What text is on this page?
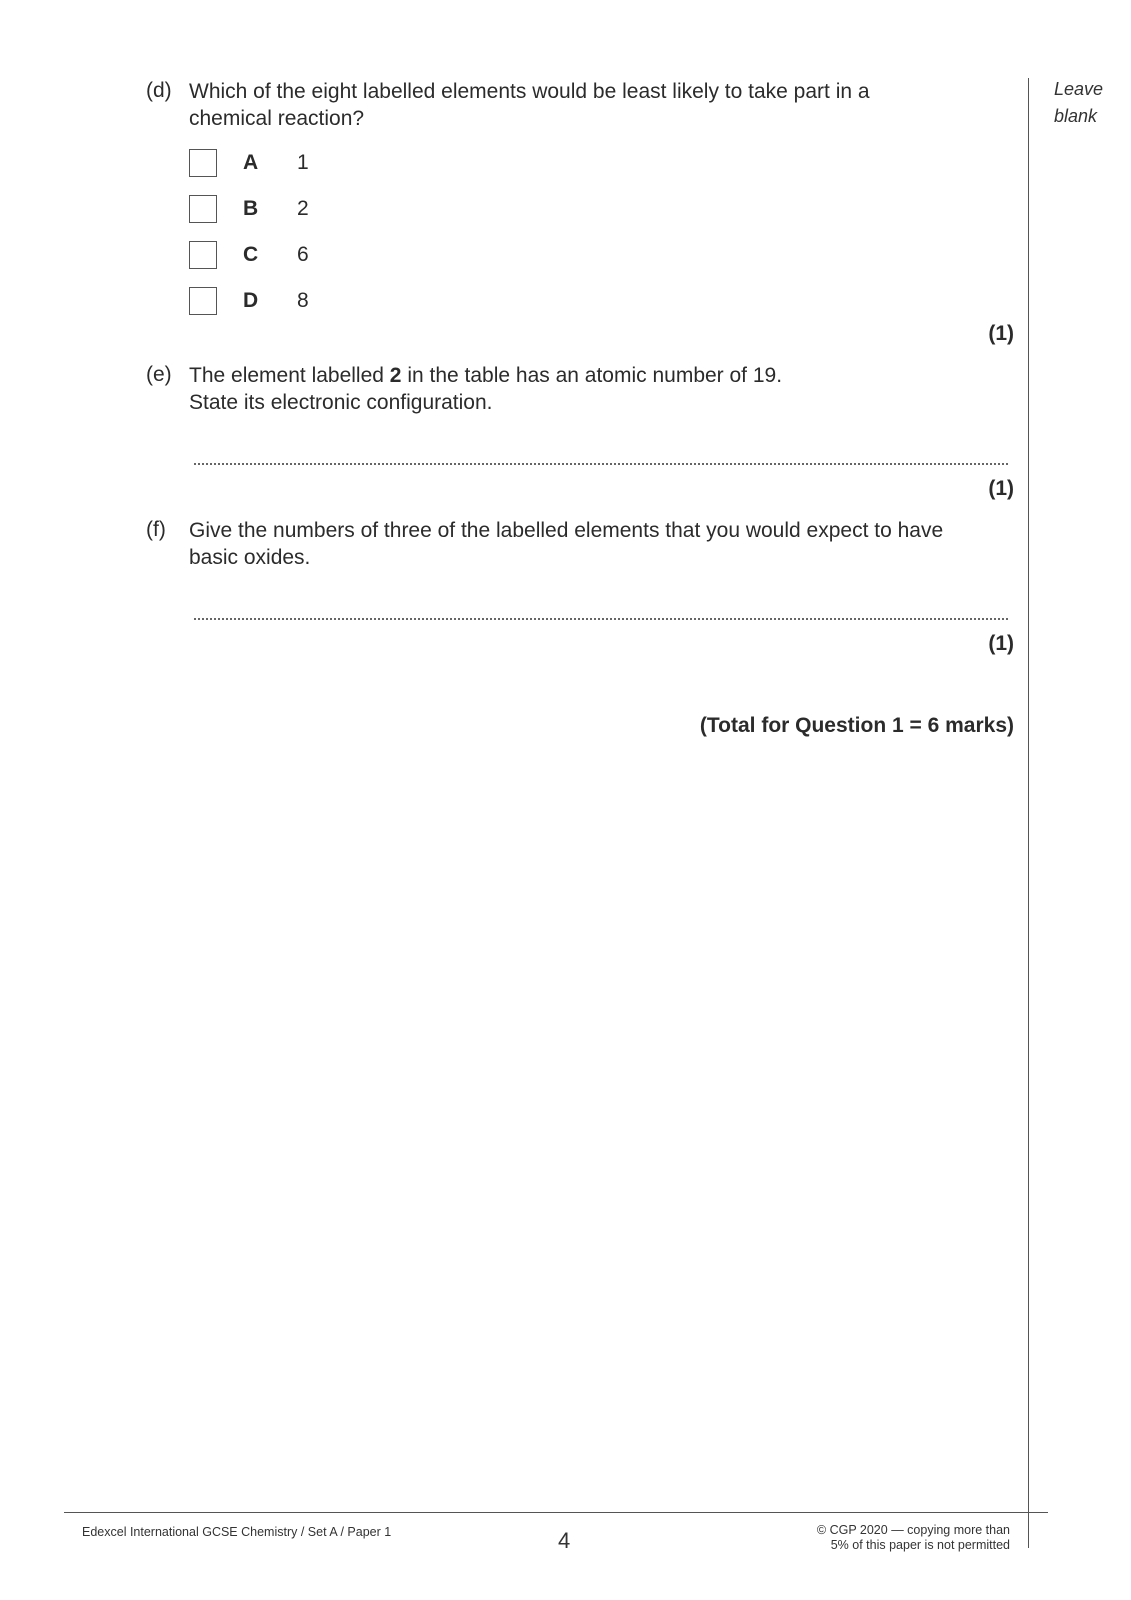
Leave
blank
(d) Which of the eight labelled elements would be least likely to take part in a chemical reaction?
A 1
B 2
C 6
D 8
(1)
(e) The element labelled 2 in the table has an atomic number of 19.
State its electronic configuration.
(1)
(f) Give the numbers of three of the labelled elements that you would expect to have basic oxides.
(1)
(Total for Question 1 = 6 marks)
Edexcel International GCSE Chemistry / Set A / Paper 1	4	© CGP 2020 — copying more than
5% of this paper is not permitted
